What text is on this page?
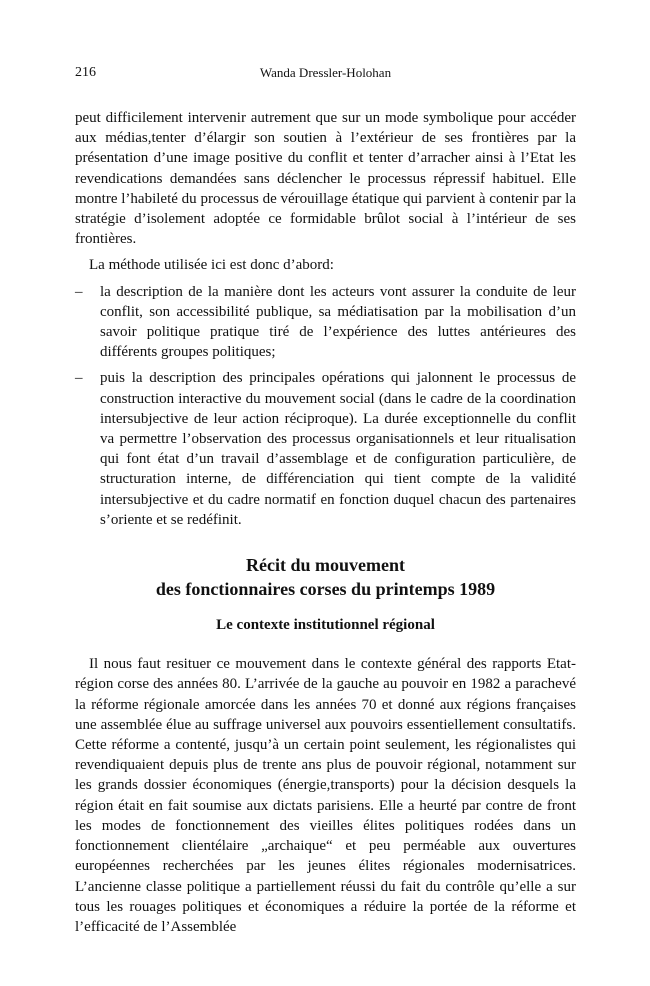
216	Wanda Dressler-Holohan

peut difficilement intervenir autrement que sur un mode symbolique pour accéder aux médias,tenter d’élargir son soutien à l’extérieur de ses frontières par la présentation d’une image positive du conflit et tenter d’arracher ainsi à l’Etat les revendications demandées sans déclencher le processus répressif habituel. Elle montre l’habileté du processus de vérouillage étatique qui parvient à contenir par la stratégie d’isolement adoptée ce formidable brûlot social à l’intérieur de ses frontières.

La méthode utilisée ici est donc d’abord:

– la description de la manière dont les acteurs vont assurer la conduite de leur conflit, son accessibilité publique, sa médiatisation par la mobilisation d’un savoir politique pratique tiré de l’expérience des luttes antérieures des différents groupes politiques;
– puis la description des principales opérations qui jalonnent le processus de construction interactive du mouvement social (dans le cadre de la coordination intersubjective de leur action réciproque). La durée exceptionnelle du conflit va permettre l’observation des processus organisationnels et leur ritualisation qui font état d’un travail d’assemblage et de configuration particulière, de structuration interne, de différenciation qui tient compte de la validité intersubjective et du cadre normatif en fonction duquel chacun des partenaires s’oriente et se redéfinit.
Récit du mouvement
des fonctionnaires corses du printemps 1989
Le contexte institutionnel régional

Il nous faut resituer ce mouvement dans le contexte général des rapports Etat-région corse des années 80. L’arrivée de la gauche au pouvoir en 1982 a parachevé la réforme régionale amorcée dans les années 70 et donné aux régions françaises une assemblée élue au suffrage universel aux pouvoirs essentiellement consultatifs. Cette réforme a contenté, jusqu’à un certain point seulement, les régionalistes qui revendiquaient depuis plus de trente ans plus de pouvoir régional, notamment sur les grands dossier économiques (énergie,transports) pour la décision desquels la région était en fait soumise aux dictats parisiens. Elle a heurté par contre de front les modes de fonctionnement des vieilles élites politiques rodées dans un fonctionnement clientélaire „archaique“ et peu perméable aux ouvertures européennes recherchées par les jeunes élites régionales modernisatrices. L’ancienne classe politique a partiellement réussi du fait du contrôle qu’elle a sur tous les rouages politiques et économiques a réduire la portée de la réforme et l’efficacité de l’Assemblée
